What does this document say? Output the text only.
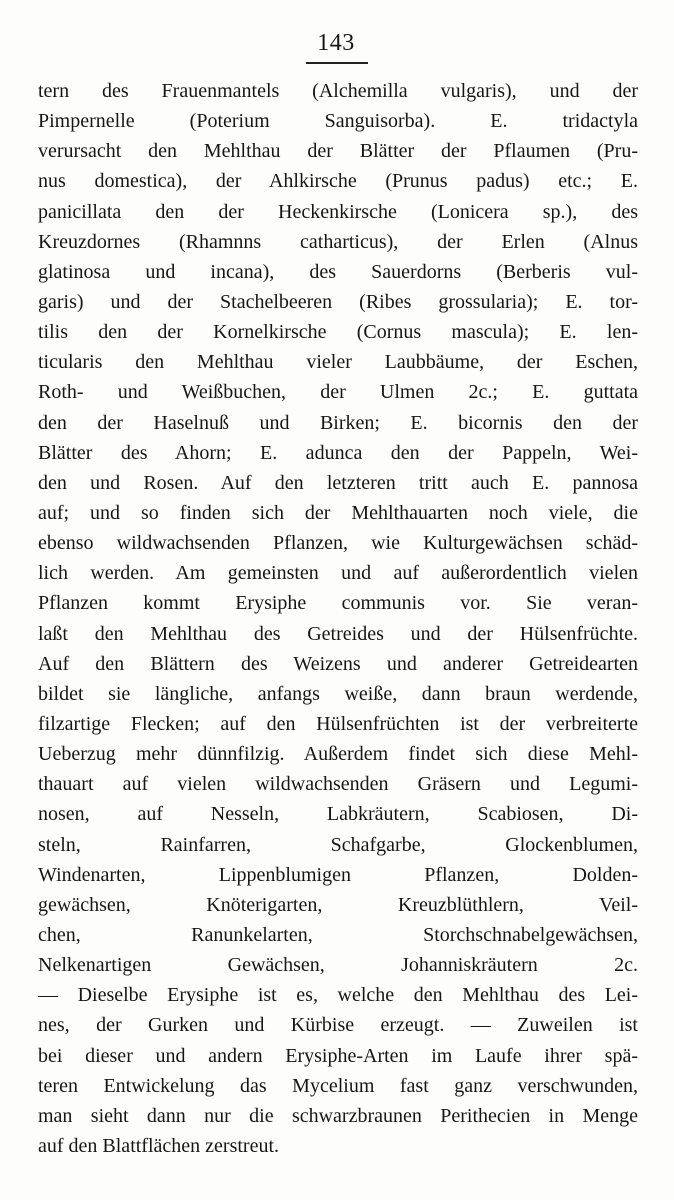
143
tern des Frauenmantels (Alchemilla vulgaris), und der
Pimpernelle (Poterium Sanguisorba). E. tridactyla
verursacht den Mehlthau der Blätter der Pflaumen (Pru-
nus domestica), der Ahlkirsche (Prunus padus) etc.; E.
panicillata den der Heckenkirsche (Lonicera sp.), des
Kreuzdornes (Rhamnns catharticus), der Erlen (Alnus
glatinosa und incana), des Sauerdorns (Berberis vul-
garis) und der Stachelbeeren (Ribes grossularia); E. tor-
tilis den der Kornelkirsche (Cornus mascula); E. len-
ticularis den Mehlthau vieler Laubbäume, der Eschen,
Roth- und Weißbuchen, der Ulmen 2c.; E. guttata
den der Haselnuß und Birken; E. bicornis den der
Blätter des Ahorn; E. adunca den der Pappeln, Wei-
den und Rosen. Auf den letzteren tritt auch E. pannosa
auf; und so finden sich der Mehlthauarten noch viele, die
ebenso wildwachsenden Pflanzen, wie Kulturgewächsen schäd-
lich werden. Am gemeinsten und auf außerordentlich vielen
Pflanzen kommt Erysiphe communis vor. Sie veran-
laßt den Mehlthau des Getreides und der Hülsenfrüchte.
Auf den Blättern des Weizens und anderer Getreidearten
bildet sie längliche, anfangs weiße, dann braun werdende,
filzartige Flecken; auf den Hülsenfrüchten ist der verbreiterte
Ueberzug mehr dünnfilzig. Außerdem findet sich diese Mehl-
thauart auf vielen wildwachsenden Gräsern und Legumi-
nosen, auf Nesseln, Labkräutern, Scabiosen, Di-
steln, Rainfarren, Schafgarbe, Glockenblumen,
Windenarten, Lippenblumigen Pflanzen, Dolden-
gewächsen, Knöterigarten, Kreuzblüthlern, Veil-
chen, Ranunkelarten, Storchschnabelgewächsen,
Nelkenartigen Gewächsen, Johanniskräutern 2c.
— Dieselbe Erysiphe ist es, welche den Mehlthau des Lei-
nes, der Gurken und Kürbise erzeugt. — Zuweilen ist
bei dieser und andern Erysiphe-Arten im Laufe ihrer spä-
teren Entwickelung das Mycelium fast ganz verschwunden,
man sieht dann nur die schwarzbraunen Perithecien in Menge
auf den Blattflächen zerstreut.
